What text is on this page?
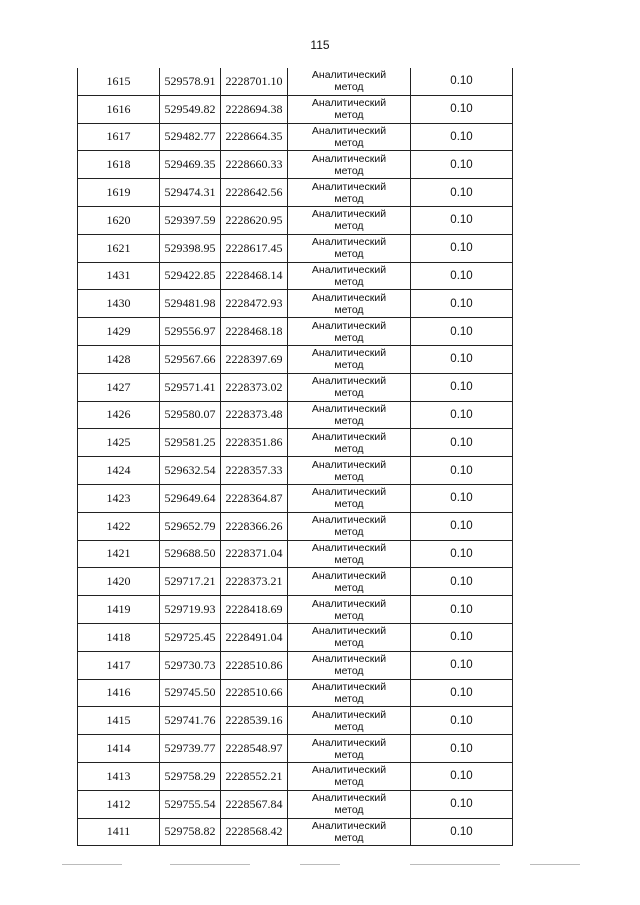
115
1615	529578.91	2228701.10	Аналитический
метод	0.10
1616	529549.82	2228694.38	Аналитический
метод	0.10
1617	529482.77	2228664.35	Аналитический
метод	0.10
1618	529469.35	2228660.33	Аналитический
метод	0.10
1619	529474.31	2228642.56	Аналитический
метод	0.10
1620	529397.59	2228620.95	Аналитический
метод	0.10
1621	529398.95	2228617.45	Аналитический
метод	0.10
1431	529422.85	2228468.14	Аналитический
метод	0.10
1430	529481.98	2228472.93	Аналитический
метод	0.10
1429	529556.97	2228468.18	Аналитический
метод	0.10
1428	529567.66	2228397.69	Аналитический
метод	0.10
1427	529571.41	2228373.02	Аналитический
метод	0.10
1426	529580.07	2228373.48	Аналитический
метод	0.10
1425	529581.25	2228351.86	Аналитический
метод	0.10
1424	529632.54	2228357.33	Аналитический
метод	0.10
1423	529649.64	2228364.87	Аналитический
метод	0.10
1422	529652.79	2228366.26	Аналитический
метод	0.10
1421	529688.50	2228371.04	Аналитический
метод	0.10
1420	529717.21	2228373.21	Аналитический
метод	0.10
1419	529719.93	2228418.69	Аналитический
метод	0.10
1418	529725.45	2228491.04	Аналитический
метод	0.10
1417	529730.73	2228510.86	Аналитический
метод	0.10
1416	529745.50	2228510.66	Аналитический
метод	0.10
1415	529741.76	2228539.16	Аналитический
метод	0.10
1414	529739.77	2228548.97	Аналитический
метод	0.10
1413	529758.29	2228552.21	Аналитический
метод	0.10
1412	529755.54	2228567.84	Аналитический
метод	0.10
1411	529758.82	2228568.42	Аналитический
метод	0.10
